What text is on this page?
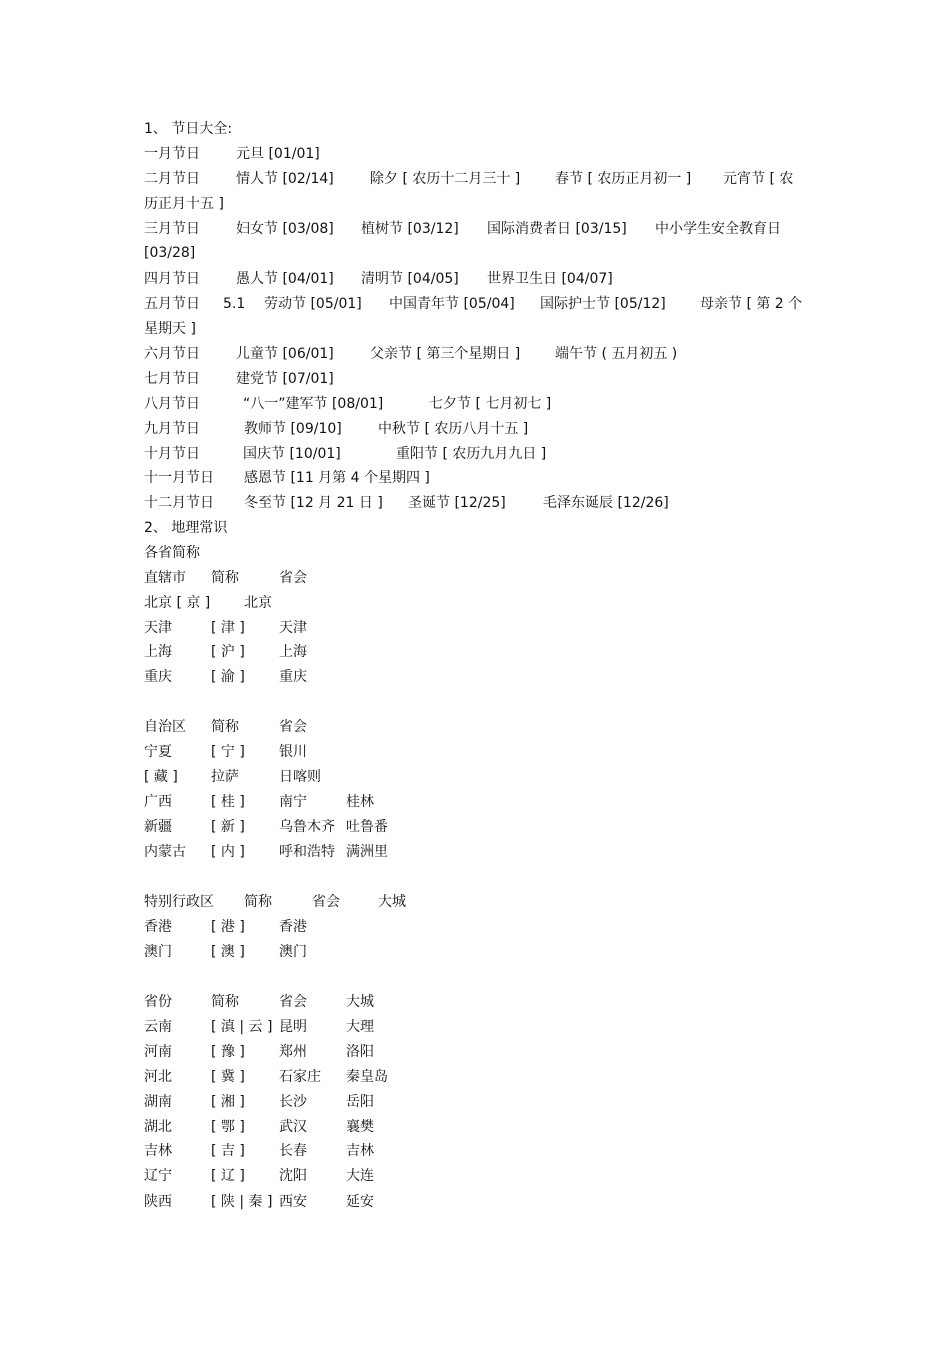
1、 节日大全:
一月节日	元旦 [01/01]
二月节日	情人节 [02/14]	除夕 [ 农历十二月三十 ] 春节 [ 农历正月初一 ] 元宵节 [ 农
历正月十五 ]
三月节日	妇女节 [03/08] 植树节 [03/12] 国际消费者日 [03/15] 中小学生安全教育日
[03/28]
四月节日	愚人节 [04/01] 清明节 [04/05] 世界卫生日 [04/07]
五月节日 5.1 劳动节 [05/01] 中国青年节 [05/04] 国际护士节 [05/12] 母亲节 [ 第 2 个
星期天 ]
六月节日	儿童节 [06/01]	父亲节 [ 第三个星期日 ] 端午节 ( 五月初五 )
七月节日	建党节 [07/01]
八月节日	“八一”建军节 [08/01]	七夕节 [ 七月初七 ]
九月节日	教师节 [09/10]	中秋节 [ 农历八月十五 ]
十月节日	国庆节 [10/01]	重阳节 [ 农历九月九日 ]
十一月节日 感恩节 [11 月第 4 个星期四 ]
十二月节日 冬至节 [12 月 21 日 ] 圣诞节 [12/25]	毛泽东诞辰 [12/26]
2、 地理常识
各省简称
直辖市 简称	省会
北京 [ 京 ] 北京
天津	[ 津 ] 天津
上海	[ 沪 ] 上海
重庆	[ 渝 ] 重庆
自治区 简称	省会
宁夏	[ 宁 ] 银川
[ 藏 ] 拉萨	日喀则
广西	[ 桂 ] 南宁	桂林
新疆	[ 新 ] 乌鲁木齐 吐鲁番
内蒙古 [ 内 ] 呼和浩特 满洲里
特别行政区 简称	省会	大城
香港	[ 港 ] 香港
澳门	[ 澳 ] 澳门
省份	简称	省会	大城
云南	[ 滇 | 云 ] 昆明	大理
河南	[ 豫 ] 郑州	洛阳
河北	[ 冀 ] 石家庄 秦皇岛
湖南	[ 湘 ] 长沙	岳阳
湖北	[ 鄂 ] 武汉	襄樊
吉林	[ 吉 ] 长春	吉林
辽宁	[ 辽 ] 沈阳	大连
陕西	[ 陕 | 秦 ] 西安	延安
